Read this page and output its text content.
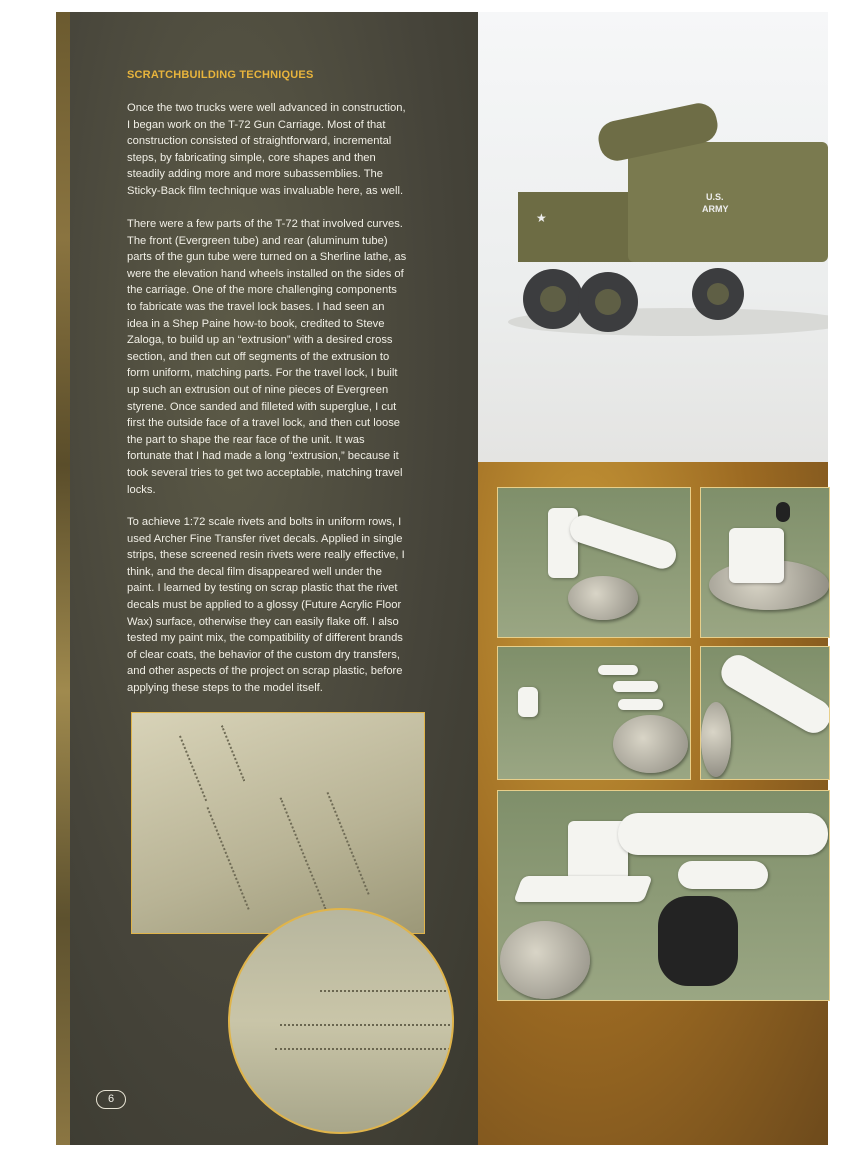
SCRATCHBUILDING TECHNIQUES
Once the two trucks were well advanced in construction,
I began work on the T-72 Gun Carriage. Most of that
construction consisted of straightforward, incremental
steps, by fabricating simple, core shapes and then
steadily adding more and more subassemblies. The
Sticky-Back film technique was invaluable here, as well.
There were a few parts of the T-72 that involved curves.
The front (Evergreen tube) and rear (aluminum tube)
parts of the gun tube were turned on a Sherline lathe, as
were the elevation hand wheels installed on the sides of
the carriage. One of the more challenging components
to fabricate was the travel lock bases. I had seen an
idea in a Shep Paine how-to book, credited to Steve
Zaloga, to build up an “extrusion” with a desired cross
section, and then cut off segments of the extrusion to
form uniform, matching parts. For the travel lock, I built
up such an extrusion out of nine pieces of Evergreen
styrene. Once sanded and filleted with superglue, I cut
first the outside face of a travel lock, and then cut loose
the part to shape the rear face of the unit. It was
fortunate that I had made a long “extrusion,” because it
took several tries to get two acceptable, matching travel
locks.
To achieve 1:72 scale rivets and bolts in uniform rows, I
used Archer Fine Transfer rivet decals. Applied in single
strips, these screened resin rivets were really effective, I
think, and the decal film disappeared well under the
paint. I learned by testing on scrap plastic that the rivet
decals must be applied to a glossy (Future Acrylic Floor
Wax) surface, otherwise they can easily flake off. I also
tested my paint mix, the compatibility of different brands
of clear coats, the behavior of the custom dry transfers,
and other aspects of the project on scrap plastic, before
applying these steps to the model itself.
6
★
U.S.
ARMY
